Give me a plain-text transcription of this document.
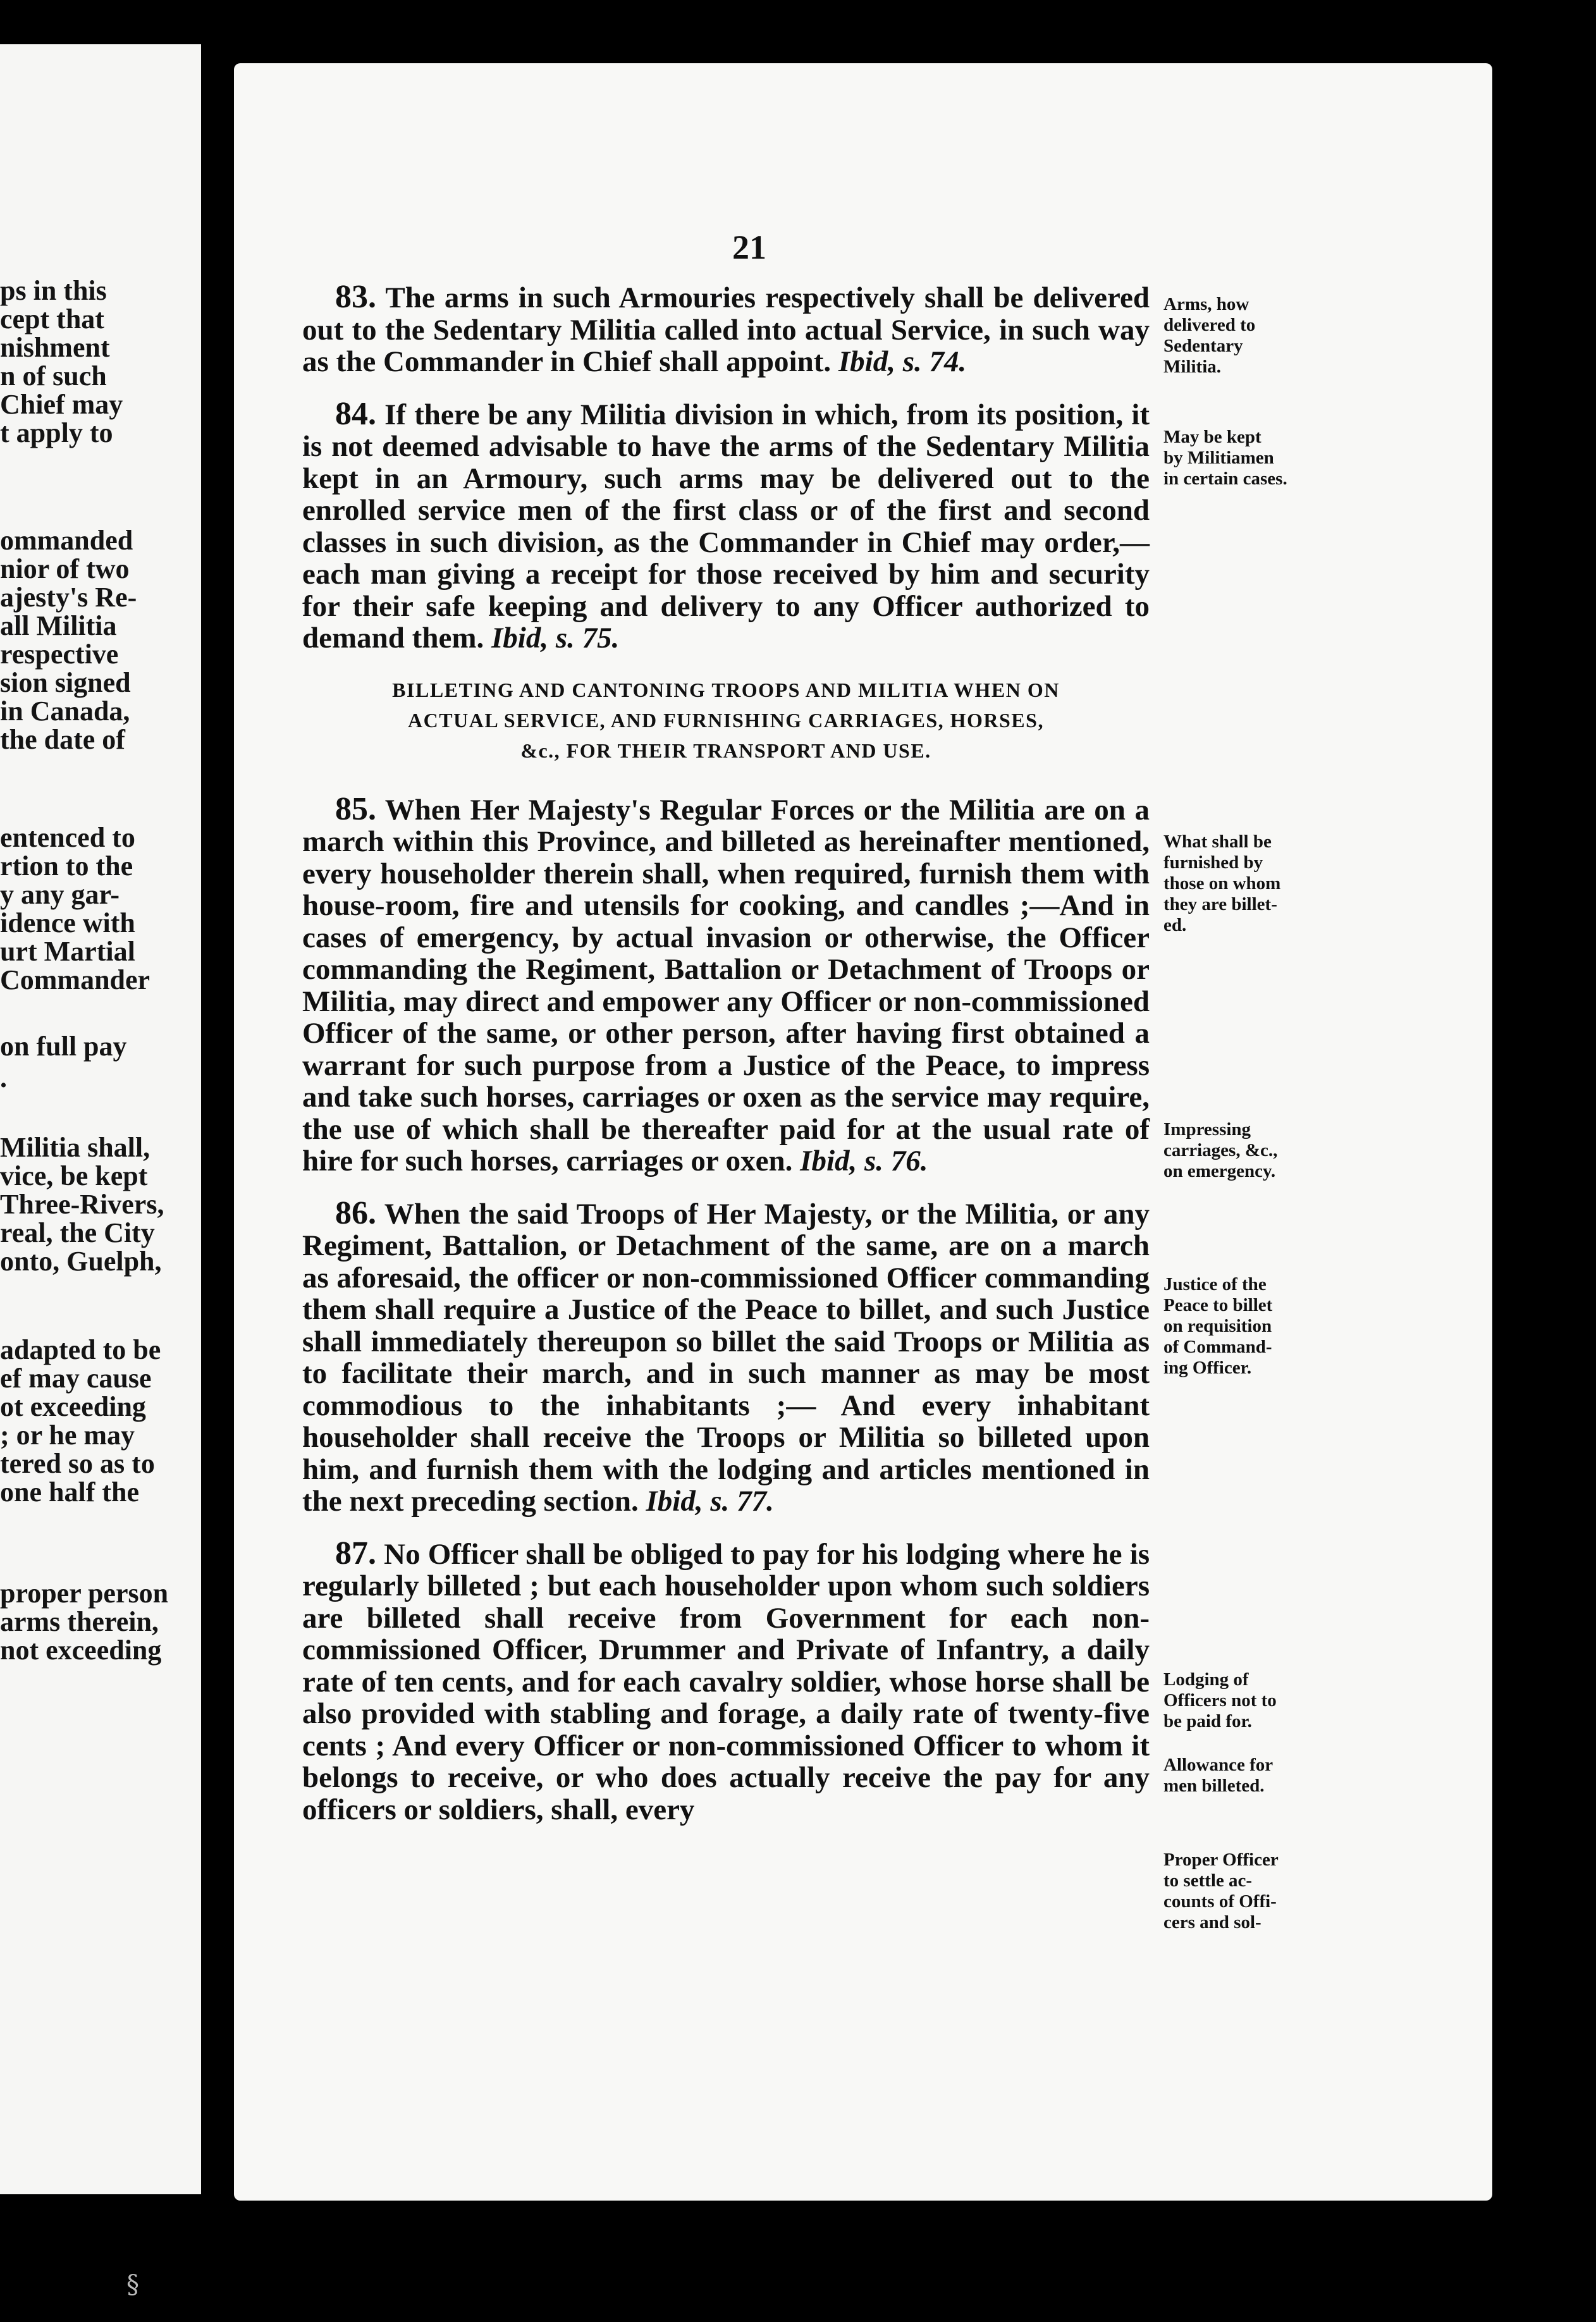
ps in this
cept that
nishment
n of such
Chief may
t apply to
ommanded
nior of two
ajesty's Re-
all Militia
respective
sion signed
in Canada,
the date of
entenced to
rtion to the
y any gar-
idence with
urt Martial
Commander
on full pay
.
Militia shall,
vice, be kept
Three-Rivers,
real, the City
onto, Guelph,
adapted to be
ef may cause
ot exceeding
; or he may
tered so as to
one half the
proper person
arms therein,
not exceeding
21

83. The arms in such Armouries respectively shall be delivered out to the Sedentary Militia called into actual Service, in such way as the Commander in Chief shall appoint. Ibid, s. 74.

84. If there be any Militia division in which, from its position, it is not deemed advisable to have the arms of the Sedentary Militia kept in an Armoury, such arms may be delivered out to the enrolled service men of the first class or of the first and second classes in such division, as the Commander in Chief may order,—each man giving a receipt for those received by him and security for their safe keeping and delivery to any Officer authorized to demand them. Ibid, s. 75.

BILLETING AND CANTONING TROOPS AND MILITIA WHEN ON
ACTUAL SERVICE, AND FURNISHING CARRIAGES, HORSES,
&c., FOR THEIR TRANSPORT AND USE.

85. When Her Majesty's Regular Forces or the Militia are on a march within this Province, and billeted as hereinafter mentioned, every householder therein shall, when required, furnish them with house-room, fire and utensils for cooking, and candles ;—And in cases of emergency, by actual invasion or otherwise, the Officer commanding the Regiment, Battalion or Detachment of Troops or Militia, may direct and empower any Officer or non-commissioned Officer of the same, or other person, after having first obtained a warrant for such purpose from a Justice of the Peace, to impress and take such horses, carriages or oxen as the service may require, the use of which shall be thereafter paid for at the usual rate of hire for such horses, carriages or oxen. Ibid, s. 76.

86. When the said Troops of Her Majesty, or the Militia, or any Regiment, Battalion, or Detachment of the same, are on a march as aforesaid, the officer or non-commissioned Officer commanding them shall require a Justice of the Peace to billet, and such Justice shall immediately thereupon so billet the said Troops or Militia as to facilitate their march, and in such manner as may be most commodious to the inhabitants ;— And every inhabitant householder shall receive the Troops or Militia so billeted upon him, and furnish them with the lodging and articles mentioned in the next preceding section. Ibid, s. 77.

87. No Officer shall be obliged to pay for his lodging where he is regularly billeted ; but each householder upon whom such soldiers are billeted shall receive from Government for each non-commissioned Officer, Drummer and Private of Infantry, a daily rate of ten cents, and for each cavalry soldier, whose horse shall be also provided with stabling and forage, a daily rate of twenty-five cents ; And every Officer or non-commissioned Officer to whom it belongs to receive, or who does actually receive the pay for any officers or soldiers, shall, every

Arms, how
delivered to
Sedentary
Militia.
May be kept
by Militiamen
in certain cases.
What shall be
furnished by
those on whom
they are billet-
ed.
Impressing
carriages, &c.,
on emergency.
Justice of the
Peace to billet
on requisition
of Command-
ing Officer.
Lodging of
Officers not to
be paid for.
Allowance for
men billeted.
Proper Officer
to settle ac-
counts of Offi-
cers and sol-
§
